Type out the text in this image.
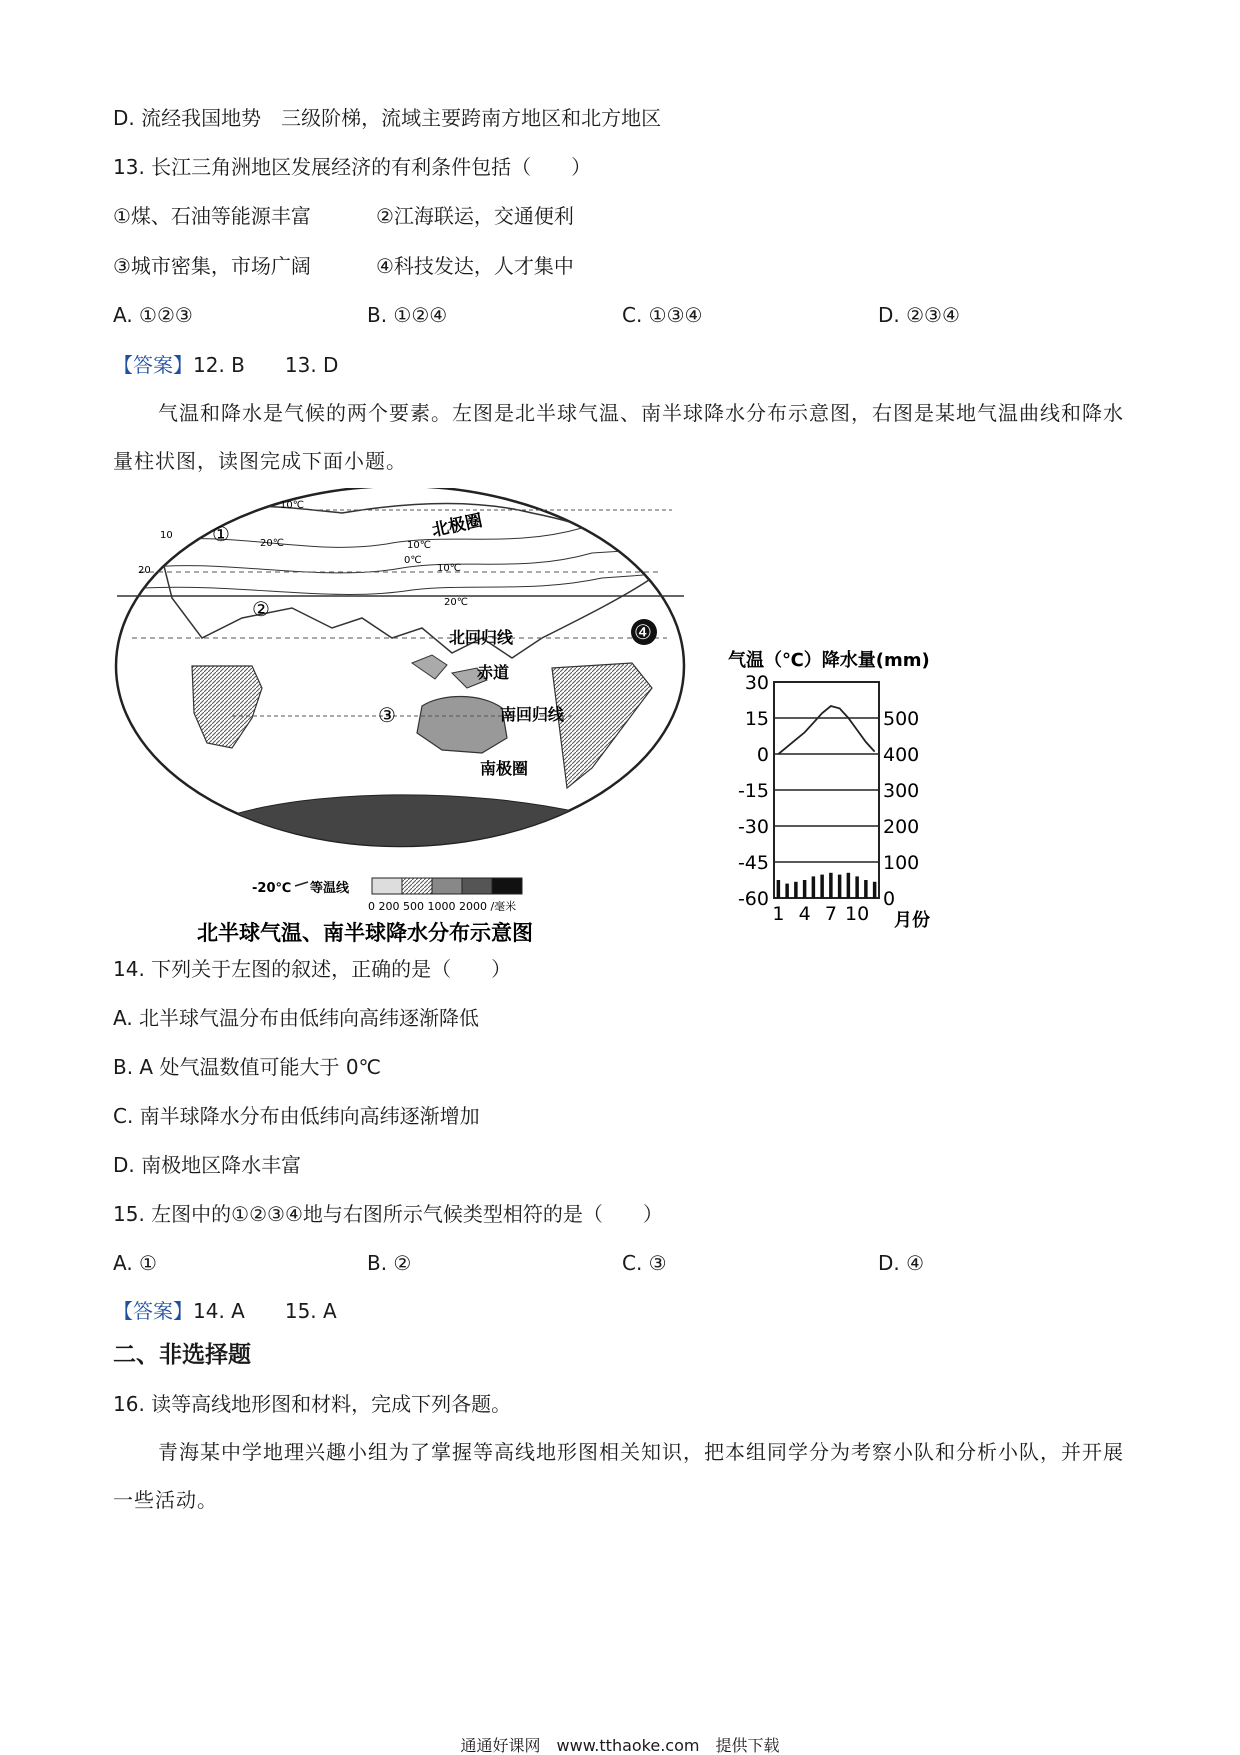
D. 流经我国地势　三级阶梯，流域主要跨南方地区和北方地区
13. 长江三角洲地区发展经济的有利条件包括（　　）
①煤、石油等能源丰富	②江海联运，交通便利
③城市密集，市场广阔	④科技发达，人才集中
A. ①②③	B. ①②④	C. ①③④	D. ②③④
【答案】12. B　　13. D
气温和降水是气候的两个要素。左图是北半球气温、南半球降水分布示意图，右图是某地气温曲线和降水量柱状图，读图完成下面小题。
北极圈
北回归线
赤道
南回归线
南极圈
10℃
10℃
0℃
10℃
20℃
20℃
10
20
①
②
③
④
-20℃ 等温线
0 200 500 1000 2000 /毫米
北半球气温、南半球降水分布示意图
气温（℃）降水量(mm)
月份
30
15
0
-15
-30
-45
-60
500
400
300
200
100
0
1 4 7 10
14. 下列关于左图的叙述，正确的是（　　）
A. 北半球气温分布由低纬向高纬逐渐降低
B. A 处气温数值可能大于 0℃
C. 南半球降水分布由低纬向高纬逐渐增加
D. 南极地区降水丰富
15. 左图中的①②③④地与右图所示气候类型相符的是（　　）
A. ①	B. ②	C. ③	D. ④
【答案】14. A　　15. A
二、非选择题
16. 读等高线地形图和材料，完成下列各题。
青海某中学地理兴趣小组为了掌握等高线地形图相关知识，把本组同学分为考察小队和分析小队，并开展一些活动。
通通好课网　www.tthaoke.com　提供下载
